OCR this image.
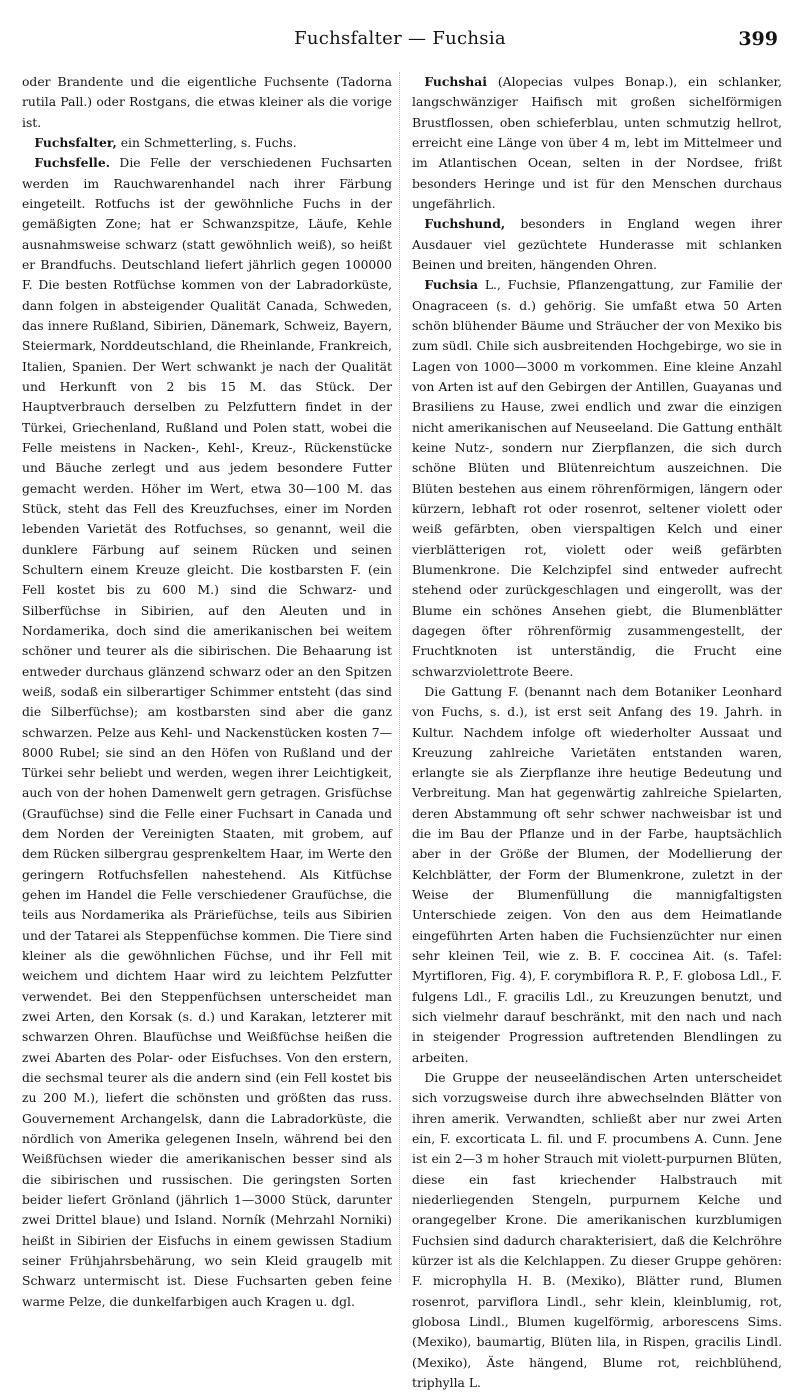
Fuchsfalter — Fuchsia	399

oder Brandente und die eigentliche Fuchsente (Tadorna rutila Pall.) oder Rostgans, die etwas kleiner als die vorige ist.

Fuchsfalter, ein Schmetterling, s. Fuchs.

Fuchsfelle. Die Felle der verschiedenen Fuchsarten werden im Rauchwarenhandel nach ihrer Färbung eingeteilt. Rotfuchs ist der gewöhnliche Fuchs in der gemäßigten Zone; hat er Schwanzspitze, Läufe, Kehle ausnahmsweise schwarz (statt gewöhnlich weiß), so heißt er Brandfuchs. Deutschland liefert jährlich gegen 100000 F. Die besten Rotfüchse kommen von der Labradorküste, dann folgen in absteigender Qualität Canada, Schweden, das innere Rußland, Sibirien, Dänemark, Schweiz, Bayern, Steiermark, Norddeutschland, die Rheinlande, Frankreich, Italien, Spanien. Der Wert schwankt je nach der Qualität und Herkunft von 2 bis 15 M. das Stück. Der Hauptverbrauch derselben zu Pelzfuttern findet in der Türkei, Griechenland, Rußland und Polen statt, wobei die Felle meistens in Nacken-, Kehl-, Kreuz-, Rückenstücke und Bäuche zerlegt und aus jedem besondere Futter gemacht werden. Höher im Wert, etwa 30—100 M. das Stück, steht das Fell des Kreuzfuchses, einer im Norden lebenden Varietät des Rotfuchses, so genannt, weil die dunklere Färbung auf seinem Rücken und seinen Schultern einem Kreuze gleicht. Die kostbarsten F. (ein Fell kostet bis zu 600 M.) sind die Schwarz- und Silberfüchse in Sibirien, auf den Aleuten und in Nordamerika, doch sind die amerikanischen bei weitem schöner und teurer als die sibirischen. Die Behaarung ist entweder durchaus glänzend schwarz oder an den Spitzen weiß, sodaß ein silberartiger Schimmer entsteht (das sind die Silberfüchse); am kostbarsten sind aber die ganz schwarzen. Pelze aus Kehl- und Nackenstücken kosten 7—8000 Rubel; sie sind an den Höfen von Rußland und der Türkei sehr beliebt und werden, wegen ihrer Leichtigkeit, auch von der hohen Damenwelt gern getragen. Grisfüchse (Graufüchse) sind die Felle einer Fuchsart in Canada und dem Norden der Vereinigten Staaten, mit grobem, auf dem Rücken silbergrau gesprenkeltem Haar, im Werte den geringern Rotfuchsfellen nahestehend. Als Kitfüchse gehen im Handel die Felle verschiedener Graufüchse, die teils aus Nordamerika als Präriefüchse, teils aus Sibirien und der Tatarei als Steppenfüchse kommen. Die Tiere sind kleiner als die gewöhnlichen Füchse, und ihr Fell mit weichem und dichtem Haar wird zu leichtem Pelzfutter verwendet. Bei den Steppenfüchsen unterscheidet man zwei Arten, den Korsak (s. d.) und Karakan, letzterer mit schwarzen Ohren. Blaufüchse und Weißfüchse heißen die zwei Abarten des Polar- oder Eisfuchses. Von den erstern, die sechsmal teurer als die andern sind (ein Fell kostet bis zu 200 M.), liefert die schönsten und größten das russ. Gouvernement Archangelsk, dann die Labradorküste, die nördlich von Amerika gelegenen Inseln, während bei den Weißfüchsen wieder die amerikanischen besser sind als die sibirischen und russischen. Die geringsten Sorten beider liefert Grönland (jährlich 1—3000 Stück, darunter zwei Drittel blaue) und Island. Norník (Mehrzahl Norniki) heißt in Sibirien der Eisfuchs in einem gewissen Stadium seiner Frühjahrsbehärung, wo sein Kleid graugelb mit Schwarz untermischt ist. Diese Fuchsarten geben feine warme Pelze, die dunkelfarbigen auch Kragen u. dgl.

Fuchshai (Alopecias vulpes Bonap.), ein schlanker, langschwänziger Haifisch mit großen sichelförmigen Brustflossen, oben schieferblau, unten schmutzig hellrot, erreicht eine Länge von über 4 m, lebt im Mittelmeer und im Atlantischen Ocean, selten in der Nordsee, frißt besonders Heringe und ist für den Menschen durchaus ungefährlich.

Fuchshund, besonders in England wegen ihrer Ausdauer viel gezüchtete Hunderasse mit schlanken Beinen und breiten, hängenden Ohren.

Fuchsia L., Fuchsie, Pflanzengattung, zur Familie der Onagraceen (s. d.) gehörig. Sie umfaßt etwa 50 Arten schön blühender Bäume und Sträucher der von Mexiko bis zum südl. Chile sich ausbreitenden Hochgebirge, wo sie in Lagen von 1000—3000 m vorkommen. Eine kleine Anzahl von Arten ist auf den Gebirgen der Antillen, Guayanas und Brasiliens zu Hause, zwei endlich und zwar die einzigen nicht amerikanischen auf Neuseeland. Die Gattung enthält keine Nutz-, sondern nur Zierpflanzen, die sich durch schöne Blüten und Blütenreichtum auszeichnen. Die Blüten bestehen aus einem röhrenförmigen, längern oder kürzern, lebhaft rot oder rosenrot, seltener violett oder weiß gefärbten, oben vierspaltigen Kelch und einer vierblätterigen rot, violett oder weiß gefärbten Blumenkrone. Die Kelchzipfel sind entweder aufrecht stehend oder zurückgeschlagen und eingerollt, was der Blume ein schönes Ansehen giebt, die Blumenblätter dagegen öfter röhrenförmig zusammengestellt, der Fruchtknoten ist unterständig, die Frucht eine schwarzviolettrote Beere.

Die Gattung F. (benannt nach dem Botaniker Leonhard von Fuchs, s. d.), ist erst seit Anfang des 19. Jahrh. in Kultur. Nachdem infolge oft wiederholter Aussaat und Kreuzung zahlreiche Varietäten entstanden waren, erlangte sie als Zierpflanze ihre heutige Bedeutung und Verbreitung. Man hat gegenwärtig zahlreiche Spielarten, deren Abstammung oft sehr schwer nachweisbar ist und die im Bau der Pflanze und in der Farbe, hauptsächlich aber in der Größe der Blumen, der Modellierung der Kelchblätter, der Form der Blumenkrone, zuletzt in der Weise der Blumenfüllung die mannigfaltigsten Unterschiede zeigen. Von den aus dem Heimatlande eingeführten Arten haben die Fuchsienzüchter nur einen sehr kleinen Teil, wie z. B. F. coccinea Ait. (s. Tafel: Myrtifloren, Fig. 4), F. corymbiflora R. P., F. globosa Ldl., F. fulgens Ldl., F. gracilis Ldl., zu Kreuzungen benutzt, und sich vielmehr darauf beschränkt, mit den nach und nach in steigender Progression auftretenden Blendlingen zu arbeiten.

Die Gruppe der neuseeländischen Arten unterscheidet sich vorzugsweise durch ihre abwechselnden Blätter von ihren amerik. Verwandten, schließt aber nur zwei Arten ein, F. excorticata L. fil. und F. procumbens A. Cunn. Jene ist ein 2—3 m hoher Strauch mit violett-purpurnen Blüten, diese ein fast kriechender Halbstrauch mit niederliegenden Stengeln, purpurnem Kelche und orangegelber Krone. Die amerikanischen kurzblumigen Fuchsien sind dadurch charakterisiert, daß die Kelchröhre kürzer ist als die Kelchlappen. Zu dieser Gruppe gehören: F. microphylla H. B. (Mexiko), Blätter rund, Blumen rosenrot, parviflora Lindl., sehr klein, kleinblumig, rot, globosa Lindl., Blumen kugelförmig, arborescens Sims. (Mexiko), baumartig, Blüten lila, in Rispen, gracilis Lindl. (Mexiko), Äste hängend, Blume rot, reichblühend, triphylla L.
